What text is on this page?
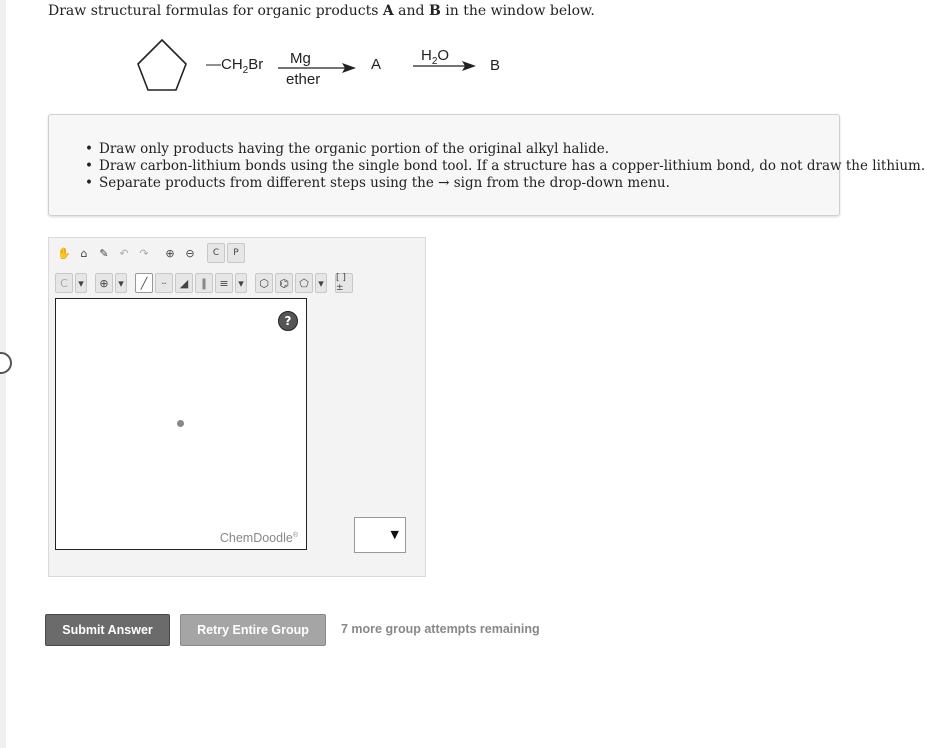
Draw structural formulas for organic products A and B in the window below.
$—CH_2Br$ Mg
ether
A
$H_2O$
B
• Draw only products having the organic portion of the original alkyl halide.
• Draw carbon-lithium bonds using the single bond tool. If a structure has a copper-lithium bond, do not draw the lithium.
• Separate products from different steps using the → sign from the drop-down menu.
✋ ⌂	✎ ↶ ↷	⊕ ⊖	C	P
C ▾	⊕ ▾	╱	┄	◢	∥	≡ ▾	⬡ ⌬ ⬠ ▾	[ ]±
?
ChemDoodle®	▼
Submit Answer	Retry Entire Group	7 more group attempts remaining
